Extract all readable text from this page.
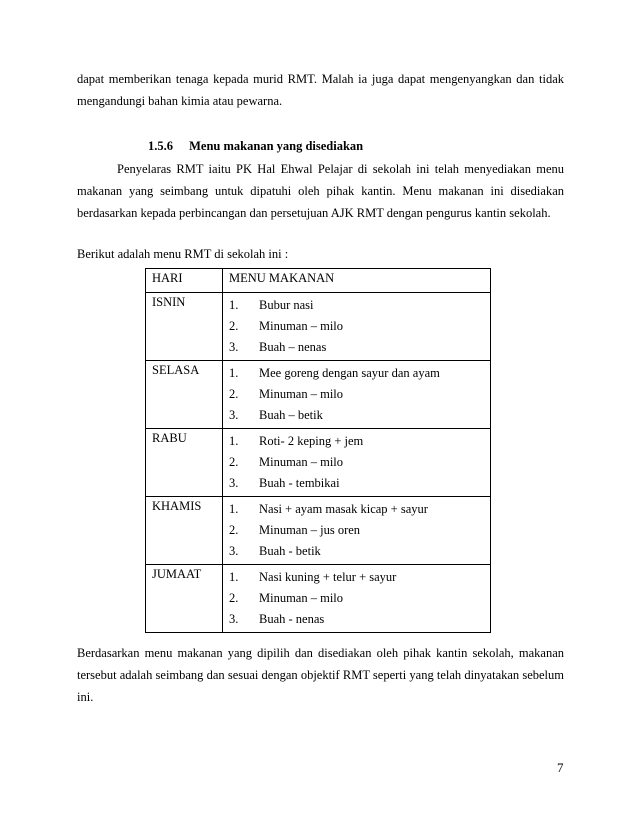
dapat memberikan tenaga kepada murid RMT. Malah ia juga dapat mengenyangkan dan tidak
mengandungi bahan kimia atau pewarna.
1.5.6 Menu makanan yang disediakan
Penyelaras RMT iaitu PK Hal Ehwal Pelajar di sekolah ini telah menyediakan menu
makanan yang seimbang untuk dipatuhi oleh pihak kantin. Menu makanan ini disediakan
berdasarkan kepada perbincangan dan persetujuan AJK RMT dengan pengurus kantin sekolah.
Berikut adalah menu RMT di sekolah ini :
HARI	MENU MAKANAN
ISNIN	1. Bubur nasi
2. Minuman – milo
3. Buah – nenas

SELASA	1. Mee goreng dengan sayur dan ayam
2. Minuman – milo
3. Buah – betik

RABU	1. Roti- 2 keping + jem
2. Minuman – milo
3. Buah - tembikai

KHAMIS	1. Nasi + ayam masak kicap + sayur
2. Minuman – jus oren
3. Buah - betik

JUMAAT	1. Nasi kuning + telur + sayur
2. Minuman – milo
3. Buah - nenas
Berdasarkan menu makanan yang dipilih dan disediakan oleh pihak kantin sekolah, makanan
tersebut adalah seimbang dan sesuai dengan objektif RMT seperti yang telah dinyatakan sebelum
ini.
7
